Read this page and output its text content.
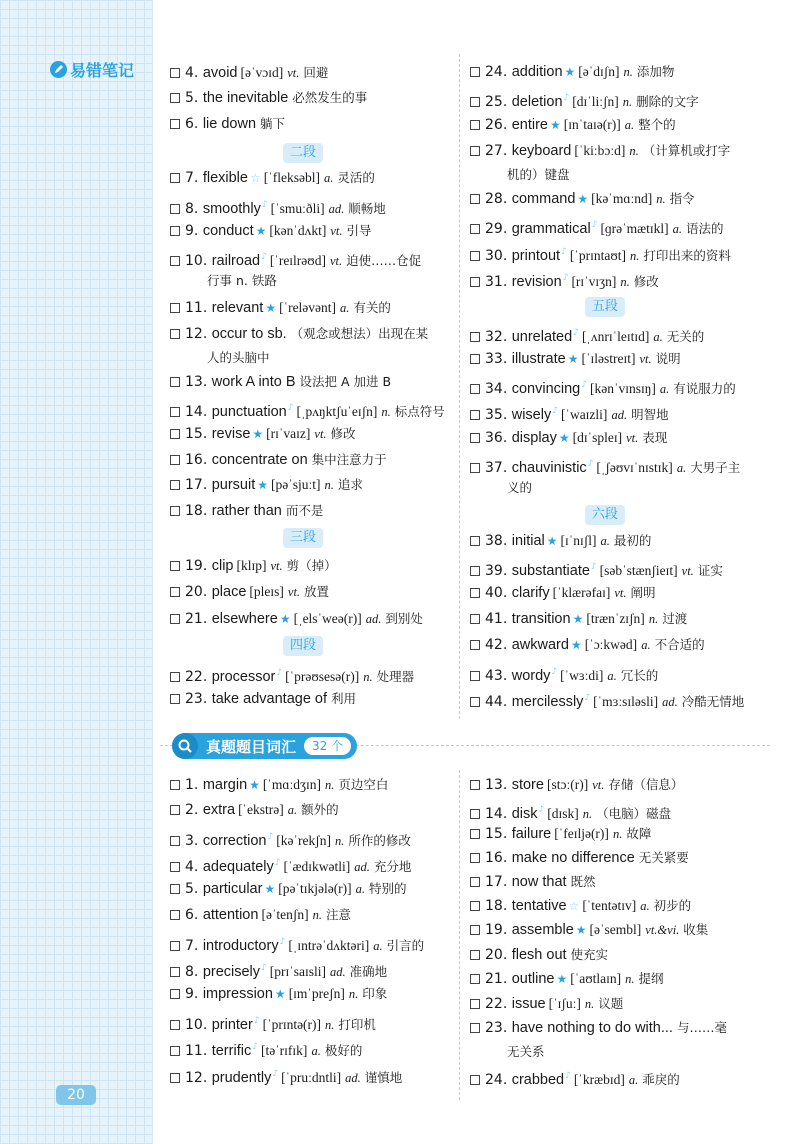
易错笔记	4. avoid [əˈvɔɪd] vt. 回避
5. the inevitable 必然发生的事
6. lie down 躺下
7. flexible ☆ [ˈfleksəbl] a. 灵活的
8. smoothly♪ [ˈsmuːðli] ad. 顺畅地
9. conduct ★ [kənˈdʌkt] vt. 引导
10. railroad♪ [ˈreɪlrəʊd] vt. 迫使……仓促
行事 n. 铁路
11. relevant ★ [ˈreləvənt] a. 有关的
12. occur to sb. （观念或想法）出现在某
人的头脑中
13. work A into B 设法把 A 加进 B
14. punctuation♪ [ˌpʌŋktʃuˈeɪʃn] n. 标点符号
15. revise ★ [rɪˈvaɪz] vt. 修改
16. concentrate on 集中注意力于
17. pursuit ★ [pəˈsjuːt] n. 追求
18. rather than 而不是
19. clip [klɪp] vt. 剪（掉）
20. place [pleɪs] vt. 放置
21. elsewhere ★ [ˌelsˈweə(r)] ad. 到别处
22. processor♪ [ˈprəʊsesə(r)] n. 处理器
23. take advantage of 利用
24. addition ★ [əˈdɪʃn] n. 添加物
25. deletion♪ [dɪˈliːʃn] n. 删除的文字
26. entire ★ [ɪnˈtaɪə(r)] a. 整个的
27. keyboard [ˈkiːbɔːd] n. （计算机或打字
机的）键盘
28. command ★ [kəˈmɑːnd] n. 指令
29. grammatical♪ [ɡrəˈmætɪkl] a. 语法的
30. printout♪ [ˈprɪntaʊt] n. 打印出来的资料
31. revision♪ [rɪˈvɪʒn] n. 修改
32. unrelated♪ [ˌʌnrɪˈleɪtɪd] a. 无关的
33. illustrate ★ [ˈɪləstreɪt] vt. 说明
34. convincing♪ [kənˈvɪnsɪŋ] a. 有说服力的
35. wisely♪ [ˈwaɪzli] ad. 明智地
36. display ★ [dɪˈspleɪ] vt. 表现
37. chauvinistic♪ [ˌʃəʊvɪˈnɪstɪk] a. 大男子主
义的
38. initial ★ [ɪˈnɪʃl] a. 最初的
39. substantiate♪ [səbˈstænʃieɪt] vt. 证实
40. clarify [ˈklærəfaɪ] vt. 阐明
41. transition ★ [trænˈzɪʃn] n. 过渡
42. awkward ★ [ˈɔːkwəd] a. 不合适的
43. wordy♪ [ˈwɜːdi] a. 冗长的
44. mercilessly♪ [ˈmɜːsɪləsli] ad. 冷酷无情地
1. margin ★ [ˈmɑːdʒɪn] n. 页边空白
2. extra [ˈekstrə] a. 额外的
3. correction♪ [kəˈrekʃn] n. 所作的修改
4. adequately♪ [ˈædɪkwətli] ad. 充分地
5. particular ★ [pəˈtɪkjələ(r)] a. 特别的
6. attention [əˈtenʃn] n. 注意
7. introductory♪ [ˌɪntrəˈdʌktəri] a. 引言的
8. precisely♪ [prɪˈsaɪsli] ad. 准确地
9. impression ★ [ɪmˈpreʃn] n. 印象
10. printer♪ [ˈprɪntə(r)] n. 打印机
11. terrific♪ [təˈrɪfɪk] a. 极好的
12. prudently♪ [ˈpruːdntli] ad. 谨慎地
13. store [stɔː(r)] vt. 存储（信息）
14. disk♪ [dɪsk] n. （电脑）磁盘
15. failure [ˈfeɪljə(r)] n. 故障
16. make no difference 无关紧要
17. now that 既然
18. tentative ☆ [ˈtentətɪv] a. 初步的
19. assemble ★ [əˈsembl] vt.&vi. 收集
20. flesh out 使充实
21. outline ★ [ˈaʊtlaɪn] n. 提纲
22. issue [ˈɪʃuː] n. 议题
23. have nothing to do with... 与……毫
无关系
24. crabbed♪ [ˈkræbɪd] a. 乖戾的
二段
三段
四段
五段
六段
真题题目词汇	32 个
20
